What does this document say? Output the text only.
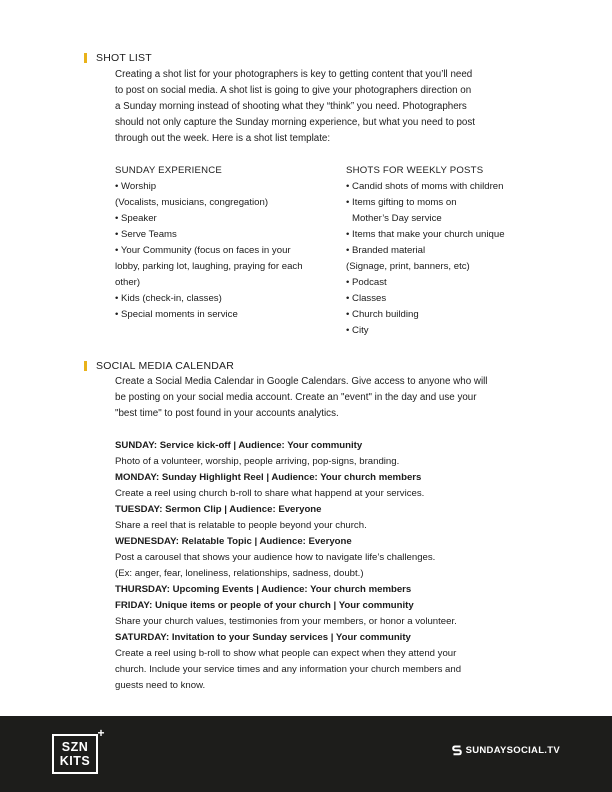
SHOT LIST

Creating a shot list for your photographers is key to getting content that you’ll need

to post on social media. A shot list is going to give your photographers direction on

a Sunday morning instead of shooting what they “think” you need. Photographers

should not only capture the Sunday morning experience, but what you need to post

through out the week. Here is a shot list template:

SUNDAY EXPERIENCE
• Worship
(Vocalists, musicians, congregation)
• Speaker
• Serve Teams
• Your Community (focus on faces in your
lobby, parking lot, laughing, praying for each
other)
• Kids (check-in, classes)
• Special moments in service
SHOTS FOR WEEKLY POSTS
• Candid shots of moms with children
• Items gifting to moms on
Mother’s Day service
• Items that make your church unique
• Branded material
(Signage, print, banners, etc)
• Podcast
• Classes
• Church building
• City
SOCIAL MEDIA CALENDAR

Create a Social Media Calendar in Google Calendars. Give access to anyone who will

be posting on your social media account. Create an "event" in the day and use your

"best time" to post found in your accounts analytics.

SUNDAY: Service kick-off | Audience: Your community
Photo of a volunteer, worship, people arriving, pop-signs, branding.
MONDAY: Sunday Highlight Reel | Audience: Your church members
Create a reel using church b-roll to share what happend at your services.
TUESDAY: Sermon Clip | Audience: Everyone
Share a reel that is relatable to people beyond your church.
WEDNESDAY: Relatable Topic | Audience: Everyone
Post a carousel that shows your audience how to navigate life’s challenges.
(Ex: anger, fear, loneliness, relationships, sadness, doubt.)
THURSDAY: Upcoming Events | Audience: Your church members
FRIDAY: Unique items or people of your church | Your community
Share your church values, testimonies from your members, or honor a volunteer.
SATURDAY: Invitation to your Sunday services | Your community
Create a reel using b-roll to show what people can expect when they attend your
church. Include your service times and any information your church members and
guests need to know.
SZN
KITS
+
SUNDAYSOCIAL.TV
